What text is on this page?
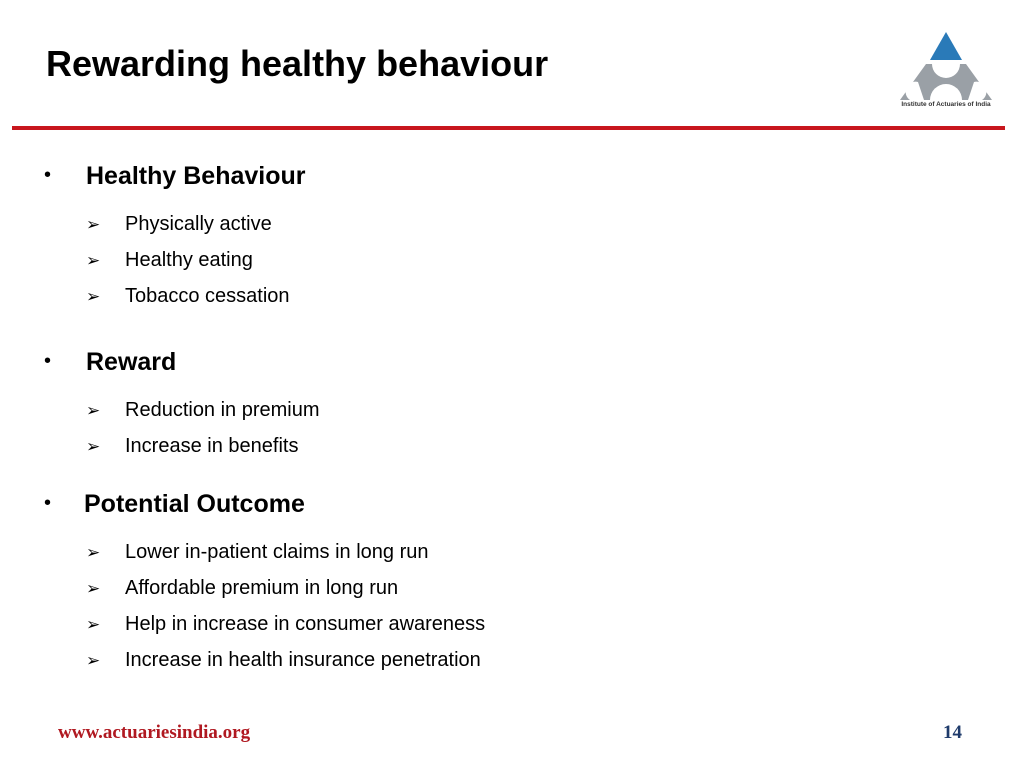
Rewarding healthy behaviour
Institute of Actuaries of India
• Healthy Behaviour
➢ Physically active
➢ Healthy eating
➢ Tobacco cessation
• Reward
➢ Reduction in premium
➢ Increase in benefits
• Potential Outcome
➢ Lower in-patient claims in long run
➢ Affordable premium in long run
➢ Help in increase in consumer awareness
➢ Increase in health insurance penetration
www.actuariesindia.org	14
